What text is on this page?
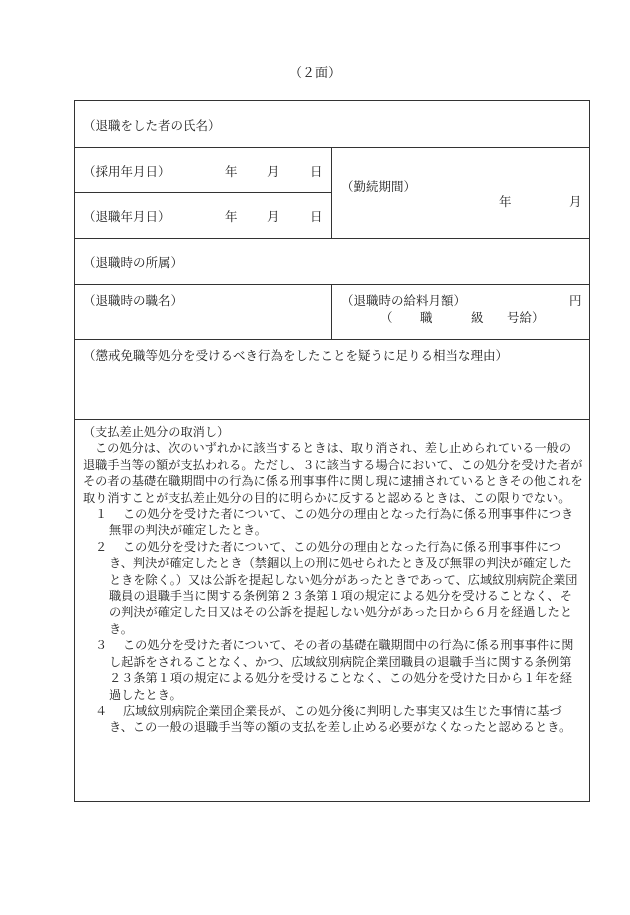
（２面）
（退職をした者の氏名）
（採用年月日）	年 月 日
（退職年月日）	年 月 日
（勤続期間）
年	月
（退職時の所属）
（退職時の職名）	（退職時の給料月額）	円
（ 職	級 号給）
（懲戒免職等処分を受けるべき行為をしたことを疑うに足りる相当な理由）

（支払差止処分の取消し）

この処分は、次のいずれかに該当するときは、取り消され、差し止められている一般の退職手当等の額が支払われる。ただし、３に該当する場合において、この処分を受けた者がその者の基礎在職期間中の行為に係る刑事事件に関し現に逮捕されているときその他これを取り消すことが支払差止処分の目的に明らかに反すると認めるときは、この限りでない。

１	この処分を受けた者について、この処分の理由となった行為に係る刑事事件につき無罪の判決が確定したとき。

２	この処分を受けた者について、この処分の理由となった行為に係る刑事事件につき、判決が確定したとき（禁錮以上の刑に処せられたとき及び無罪の判決が確定したときを除く。）又は公訴を提起しない処分があったときであって、広域紋別病院企業団職員の退職手当に関する条例第２３条第１項の規定による処分を受けることなく、その判決が確定した日又はその公訴を提起しない処分があった日から６月を経過したとき。

３	この処分を受けた者について、その者の基礎在職期間中の行為に係る刑事事件に関し起訴をされることなく、かつ、広域紋別病院企業団職員の退職手当に関する条例第２３条第１項の規定による処分を受けることなく、この処分を受けた日から１年を経過したとき。

４	広域紋別病院企業団企業長が、この処分後に判明した事実又は生じた事情に基づき、この一般の退職手当等の額の支払を差し止める必要がなくなったと認めるとき。
